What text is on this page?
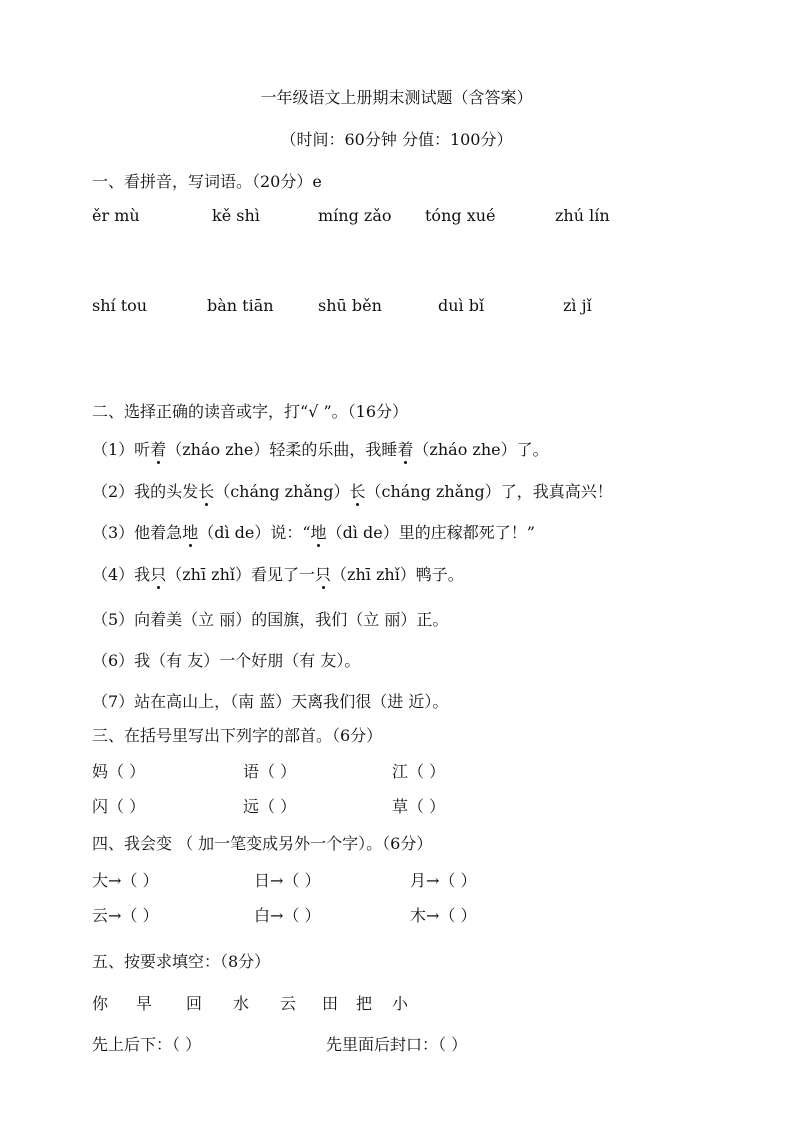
一年级语文上册期末测试题（含答案）
（时间：60分钟 分值：100分）
一、看拼音，写词语。（20分）e
ěr mù	kě shì	míng zǎo tóng xué	zhú lín
shí tou	bàn tiān	shū běn	duì bǐ	zì jǐ
二、选择正确的读音或字，打“√ ”。（16分）
（1）听着（zháo zhe）轻柔的乐曲，我睡着（zháo zhe）了。
（2）我的头发长（cháng zhǎng）长（cháng zhǎng）了，我真高兴！
（3）他着急地（dì de）说：“地（dì de）里的庄稼都死了！”
（4）我只（zhī zhǐ）看见了一只（zhī zhǐ）鸭子。
（5）向着美（立 丽）的国旗，我们（立 丽）正。
（6）我（有 友）一个好朋（有 友）。
（7）站在高山上，（南 蓝）天离我们很（进 近）。
三、在括号里写出下列字的部首。（6分）
妈（ ）	语（ ）	江（ ）
闪（ ）	远（ ）	草（ ）
四、我会变 （ 加一笔变成另外一个字）。（6分）
大→（ ）	日→（ ）	月→（ ）
云→（ ）	白→（ ）	木→（ ）
五、按要求填空：（8分）
你 早 回 水 云 田 把 小
先上后下：（ ）	先里面后封口：（ ）
